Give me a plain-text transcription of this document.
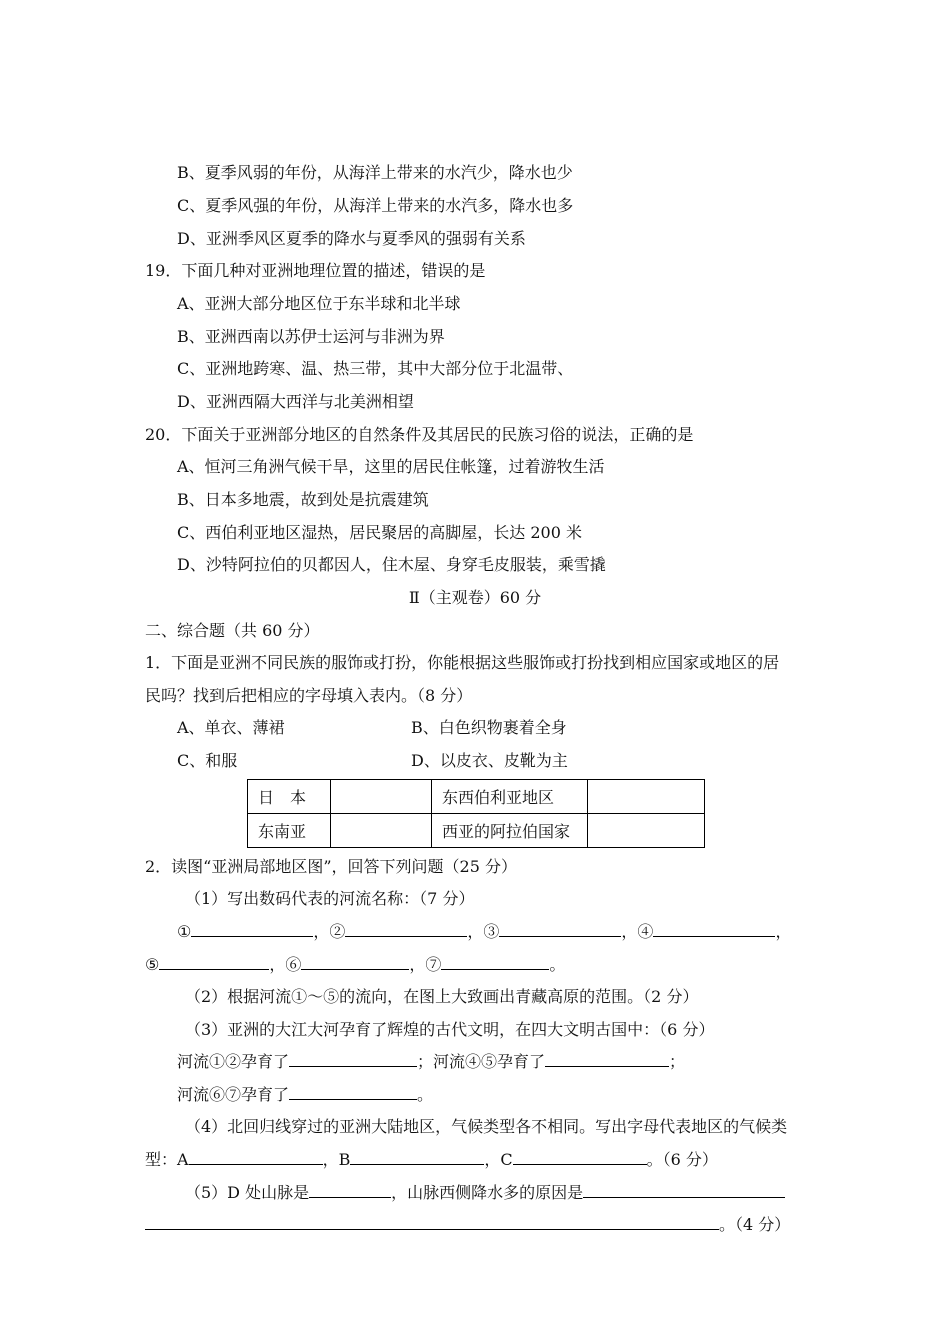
B、夏季风弱的年份，从海洋上带来的水汽少，降水也少
C、夏季风强的年份，从海洋上带来的水汽多，降水也多
D、亚洲季风区夏季的降水与夏季风的强弱有关系
19．下面几种对亚洲地理位置的描述，错误的是
A、亚洲大部分地区位于东半球和北半球
B、亚洲西南以苏伊士运河与非洲为界
C、亚洲地跨寒、温、热三带，其中大部分位于北温带、
D、亚洲西隔大西洋与北美洲相望
20．下面关于亚洲部分地区的自然条件及其居民的民族习俗的说法，正确的是
A、恒河三角洲气候干旱，这里的居民住帐篷，过着游牧生活
B、日本多地震，故到处是抗震建筑
C、西伯利亚地区湿热，居民聚居的高脚屋，长达 200 米
D、沙特阿拉伯的贝都因人，住木屋、身穿毛皮服装，乘雪撬
Ⅱ（主观卷）60 分
二、综合题（共 60 分）
1．下面是亚洲不同民族的服饰或打扮，你能根据这些服饰或打扮找到相应国家或地区的居
民吗？找到后把相应的字母填入表内。（8 分）
A、单衣、薄裙	B、白色织物裹着全身
C、和服	D、以皮衣、皮靴为主
日　本		东西伯利亚地区	
东南亚		西亚的阿拉伯国家	
2．读图“亚洲局部地区图”，回答下列问题（25 分）
（1）写出数码代表的河流名称：（7 分）
①	，②	，③	，④	，
⑤	，⑥	，⑦	。
（2）根据河流①～⑤的流向，在图上大致画出青藏高原的范围。（2 分）
（3）亚洲的大江大河孕育了辉煌的古代文明，在四大文明古国中：（6 分）
河流①②孕育了	；河流④⑤孕育了	；
河流⑥⑦孕育了	。
（4）北回归线穿过的亚洲大陆地区，气候类型各不相同。写出字母代表地区的气候类
型：A	，B	，C	。（6 分）
（5）D 处山脉是	，山脉西侧降水多的原因是
。（4 分）
